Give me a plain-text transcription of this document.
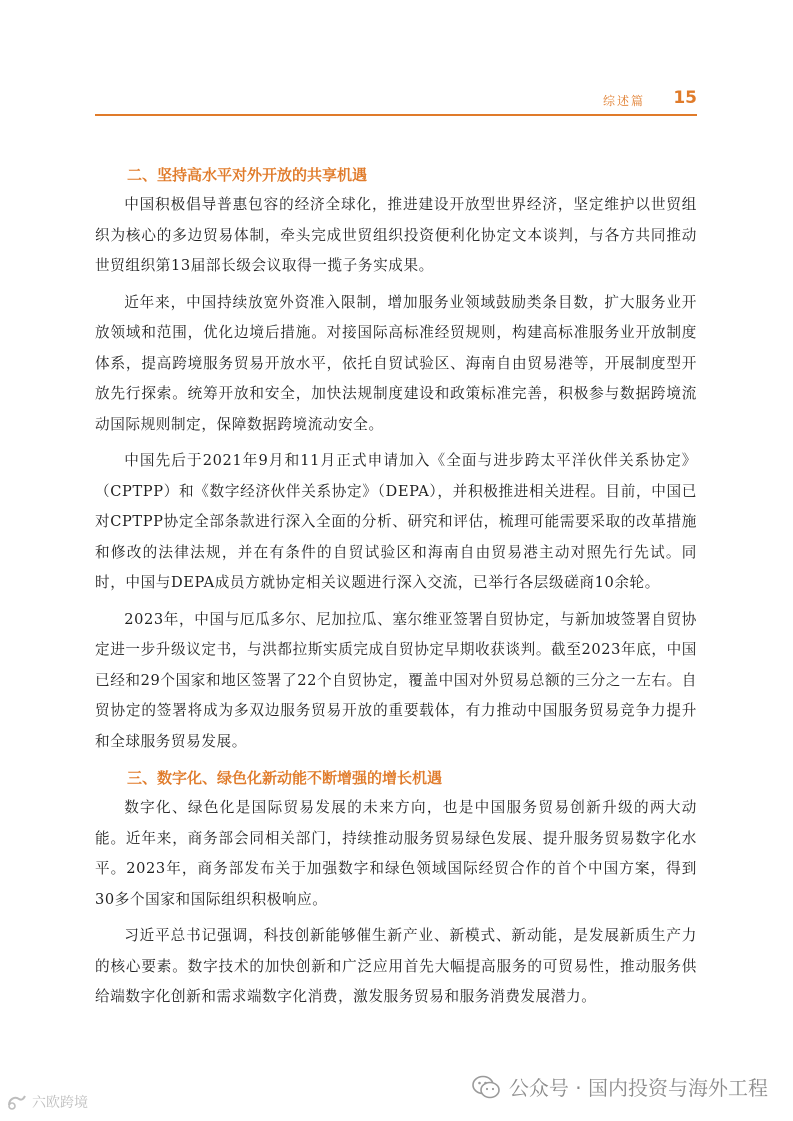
综述篇 15
二、坚持高水平对外开放的共享机遇

中国积极倡导普惠包容的经济全球化，推进建设开放型世界经济，坚定维护以世贸组织为核心的多边贸易体制，牵头完成世贸组织投资便利化协定文本谈判，与各方共同推动世贸组织第13届部长级会议取得一揽子务实成果。

近年来，中国持续放宽外资准入限制，增加服务业领域鼓励类条目数，扩大服务业开放领域和范围，优化边境后措施。对接国际高标准经贸规则，构建高标准服务业开放制度体系，提高跨境服务贸易开放水平，依托自贸试验区、海南自由贸易港等，开展制度型开放先行探索。统筹开放和安全，加快法规制度建设和政策标准完善，积极参与数据跨境流动国际规则制定，保障数据跨境流动安全。

中国先后于2021年9月和11月正式申请加入《全面与进步跨太平洋伙伴关系协定》（CPTPP）和《数字经济伙伴关系协定》（DEPA），并积极推进相关进程。目前，中国已对CPTPP协定全部条款进行深入全面的分析、研究和评估，梳理可能需要采取的改革措施和修改的法律法规，并在有条件的自贸试验区和海南自由贸易港主动对照先行先试。同时，中国与DEPA成员方就协定相关议题进行深入交流，已举行各层级磋商10余轮。

2023年，中国与厄瓜多尔、尼加拉瓜、塞尔维亚签署自贸协定，与新加坡签署自贸协定进一步升级议定书，与洪都拉斯实质完成自贸协定早期收获谈判。截至2023年底，中国已经和29个国家和地区签署了22个自贸协定，覆盖中国对外贸易总额的三分之一左右。自贸协定的签署将成为多双边服务贸易开放的重要载体，有力推动中国服务贸易竞争力提升和全球服务贸易发展。

三、数字化、绿色化新动能不断增强的增长机遇

数字化、绿色化是国际贸易发展的未来方向，也是中国服务贸易创新升级的两大动能。近年来，商务部会同相关部门，持续推动服务贸易绿色发展、提升服务贸易数字化水平。2023年，商务部发布关于加强数字和绿色领域国际经贸合作的首个中国方案，得到30多个国家和国际组织积极响应。

习近平总书记强调，科技创新能够催生新产业、新模式、新动能，是发展新质生产力的核心要素。数字技术的加快创新和广泛应用首先大幅提高服务的可贸易性，推动服务供给端数字化创新和需求端数字化消费，激发服务贸易和服务消费发展潜力。

公众号 · 国内投资与海外工程
六欧跨境
